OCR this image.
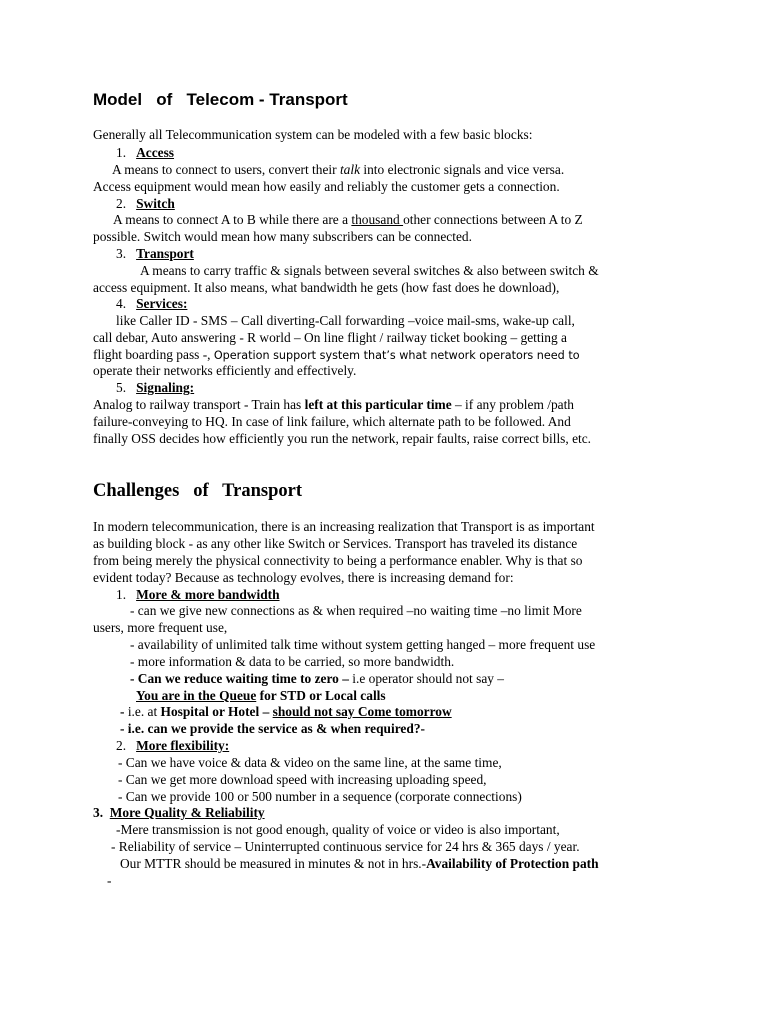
Model   of   Telecom - Transport
Generally all Telecommunication system can be modeled with a few basic blocks:
1. Access
A means to connect to users, convert their talk into electronic signals and vice versa.
Access equipment would mean how easily and reliably the customer gets a connection.
2. Switch
A means to connect A to B while there are a thousand other connections between A to Z
possible. Switch would mean how many subscribers can be connected.
3. Transport
A means to carry traffic & signals between several switches & also between switch &
access equipment. It also means, what bandwidth he gets (how fast does he download),
4. Services:
like Caller ID - SMS – Call diverting-Call forwarding –voice mail-sms, wake-up call,
call debar, Auto answering - R world – On line flight / railway ticket booking – getting a
flight boarding pass -, Operation support system that’s what network operators need to
operate their networks efficiently and effectively.
5. Signaling:
Analog to railway transport - Train has left at this particular time – if any problem /path
failure-conveying to HQ. In case of link failure, which alternate path to be followed. And
finally OSS decides how efficiently you run the network, repair faults, raise correct bills, etc.
Challenges   of   Transport
In modern telecommunication, there is an increasing realization that Transport is as important
as building block - as any other like Switch or Services. Transport has traveled its distance
from being merely the physical connectivity to being a performance enabler. Why is that so
evident today? Because as technology evolves, there is increasing demand for:
1. More & more bandwidth
- can we give new connections as & when required –no waiting time –no limit More
users, more frequent use,
- availability of unlimited talk time without system getting hanged – more frequent use
- more information & data to be carried, so more bandwidth.
- Can we reduce waiting time to zero – i.e operator should not say –
You are in the Queue for STD or Local calls
- i.e. at Hospital or Hotel – should not say Come tomorrow
- i.e. can we provide the service as & when required?-
2. More flexibility:
- Can we have voice & data & video on the same line, at the same time,
- Can we get more download speed with increasing uploading speed,
- Can we provide 100 or 500 number in a sequence (corporate connections)
3. More Quality & Reliability
-Mere transmission is not good enough, quality of voice or video is also important,
- Reliability of service – Uninterrupted continuous service for 24 hrs & 365 days / year.
Our MTTR should be measured in minutes & not in hrs.-Availability of Protection path
-
